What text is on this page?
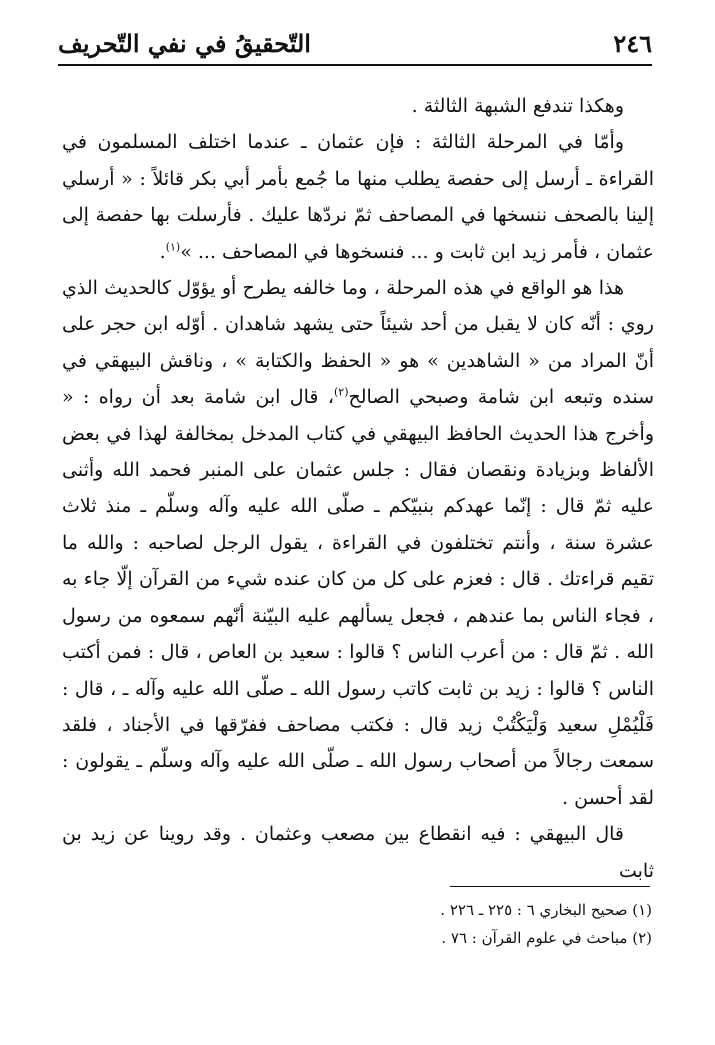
٢٤٦
التّحقيقُ في نفي التّحريف

وهكذا تندفع الشبهة الثالثة .

وأمّا في المرحلة الثالثة : فإن عثمان ـ عندما اختلف المسلمون في القراءة ـ أرسل إلى حفصة يطلب منها ما جُمع بأمر أبي بكر قائلاً : « أرسلي إلينا بالصحف ننسخها في المصاحف ثمّ نردّها عليك . فأرسلت بها حفصة إلى عثمان ، فأمر زيد ابن ثابت و ... فنسخوها في المصاحف ... »$^{(١)}$.

هذا هو الواقع في هذه المرحلة ، وما خالفه يطرح أو يؤوّل كالحديث الذي روي : أنّه كان لا يقبل من أحد شيئاً حتى يشهد شاهدان . أوّله ابن حجر على أنّ المراد من « الشاهدين » هو « الحفظ والكتابة » ، وناقش البيهقي في سنده وتبعه ابن شامة وصبحي الصالح$^{(٢)}$، قال ابن شامة بعد أن رواه : « وأخرج هذا الحديث الحافظ البيهقي في كتاب المدخل بمخالفة لهذا في بعض الألفاظ وبزيادة ونقصان فقال : جلس عثمان على المنبر فحمد الله وأثنى عليه ثمّ قال : إنّما عهدكم بنبيّكم ـ صلّى الله عليه وآله وسلّم ـ منذ ثلاث عشرة سنة ، وأنتم تختلفون في القراءة ، يقول الرجل لصاحبه : والله ما تقيم قراءتك . قال : فعزم على كل من كان عنده شيء من القرآن إلّا جاء به ، فجاء الناس بما عندهم ، فجعل يسألهم عليه البيّنة أنّهم سمعوه من رسول الله . ثمّ قال : من أعرب الناس ؟ قالوا : سعيد بن العاص ، قال : فمن أكتب الناس ؟ قالوا : زيد بن ثابت كاتب رسول الله ـ صلّى الله عليه وآله ـ ، قال : فَلْيُمْلِ سعيد وَلْيَكْتُبْ زيد قال : فكتب مصاحف ففرّقها في الأجناد ، فلقد سمعت رجالاً من أصحاب رسول الله ـ صلّى الله عليه وآله وسلّم ـ يقولون : لقد أحسن .

قال البيهقي : فيه انقطاع بين مصعب وعثمان . وقد روينا عن زيد بن ثابت

(١) صحيح البخاري ٦ : ٢٢٥ ـ ٢٢٦ .
(٢) مباحث في علوم القرآن : ٧٦ .
